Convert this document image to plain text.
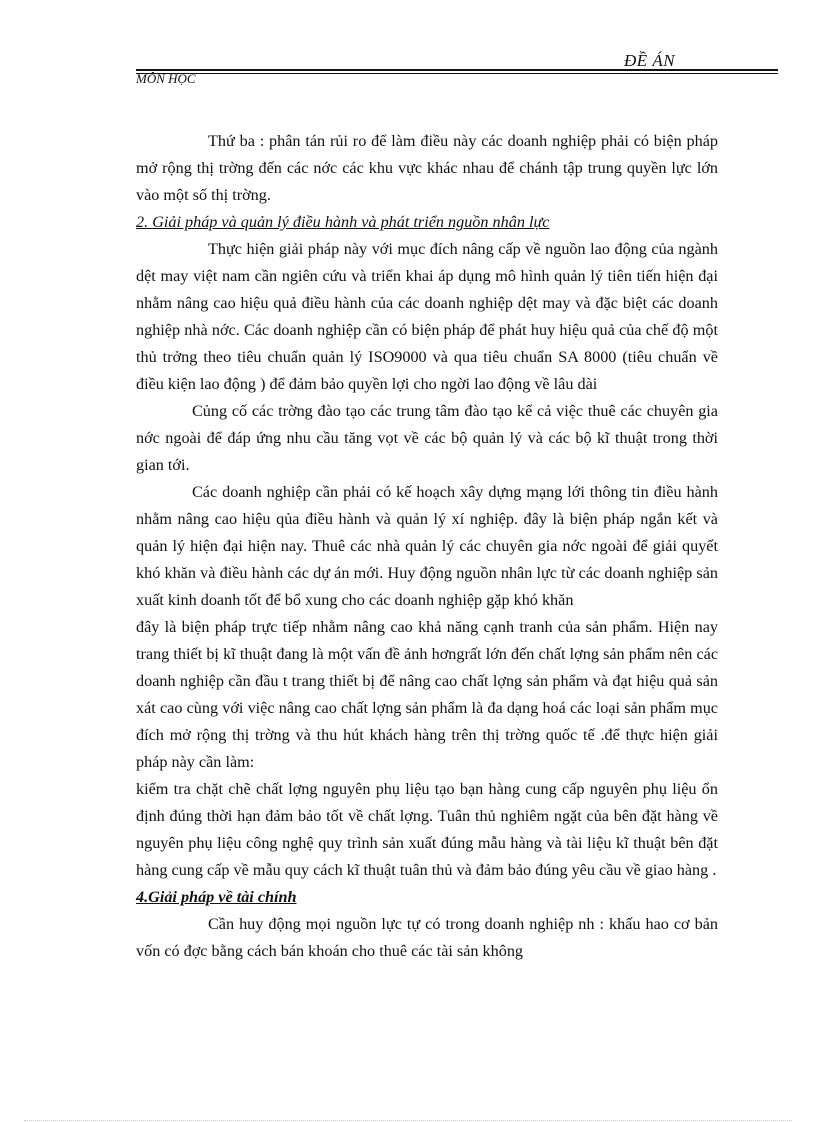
ĐỀ ÁN
MÔN HỌC

Thứ ba : phân tán rủi ro để làm điều này các doanh nghiệp phải có biện pháp mở rộng thị trờng đến các nớc các khu vực khác nhau để chánh tập trung quyền lực lớn vào một số thị trờng.

2. Giải pháp và quản lý điều hành và phát triển nguồn nhân lực

Thực hiện giải pháp này với mục đích nâng cấp về nguồn lao động của ngành dệt may việt nam cần ngiên cứu và triển khai áp dụng mô hình quản lý tiên tiến hiện đại nhằm nâng cao hiệu quả điều hành của các doanh nghiệp dệt may và đặc biệt các doanh nghiệp nhà nớc. Các doanh nghiệp cần có biện pháp để phát huy hiệu quả của chế độ một thủ trởng theo tiêu chuẩn quản lý ISO9000 và qua tiêu chuẩn SA 8000 (tiêu chuẩn về điều kiện lao động ) để đảm bảo quyền lợi cho ngời lao động về lâu dài

Củng cố các trờng đào tạo các trung tâm đào tạo kể cả việc thuê các chuyên gia nớc ngoài để đáp ứng nhu cầu tăng vọt về các bộ quản lý và các bộ kĩ thuật trong thời gian tới.

Các doanh nghiệp cần phải có kế hoạch xây dựng mạng lới thông tin điều hành nhằm nâng cao hiệu qủa điều hành và quản lý xí nghiệp. đây là biện pháp ngắn kết và quản lý hiện đại hiện nay. Thuê các nhà quản lý các chuyên gia nớc ngoài để giải quyết khó khăn và điều hành các dự án mới. Huy động nguồn nhân lực từ các doanh nghiệp sản xuất kinh doanh tốt để bổ xung cho các doanh nghiệp gặp khó khăn

đây là biện pháp trực tiếp nhằm nâng cao khả năng cạnh tranh của sản phẩm. Hiện nay trang thiết bị kĩ thuật đang là một vấn đề ảnh hơngrất lớn đến chất lợng sản phẩm nên các doanh nghiệp cần đầu t trang thiết bị để nâng cao chất lợng sản phẩm và đạt hiệu quả sản xát cao cùng với việc nâng cao chất lợng sản phẩm là đa dạng hoá các loại sản phẩm mục đích mở rộng thị trờng và thu hút khách hàng trên thị trờng quốc tế .để thực hiện giải pháp này cần làm:

kiểm tra chặt chẽ chất lợng nguyên phụ liệu tạo bạn hàng cung cấp nguyên phụ liệu ổn định đúng thời hạn đảm bảo tốt về chất lợng. Tuân thủ nghiêm ngặt của bên đặt hàng về nguyên phụ liệu công nghệ quy trình sản xuất đúng mẫu hàng và tài liệu kĩ thuật bên đặt hàng cung cấp về mẫu quy cách kĩ thuật tuân thủ và đảm bảo đúng yêu cầu về giao hàng .

4.Giải pháp về tài chính

Cần huy động mọi nguồn lực tự có trong doanh nghiệp nh : khấu hao cơ bản vốn có đợc bằng cách bán khoán cho thuê các tài sản không
